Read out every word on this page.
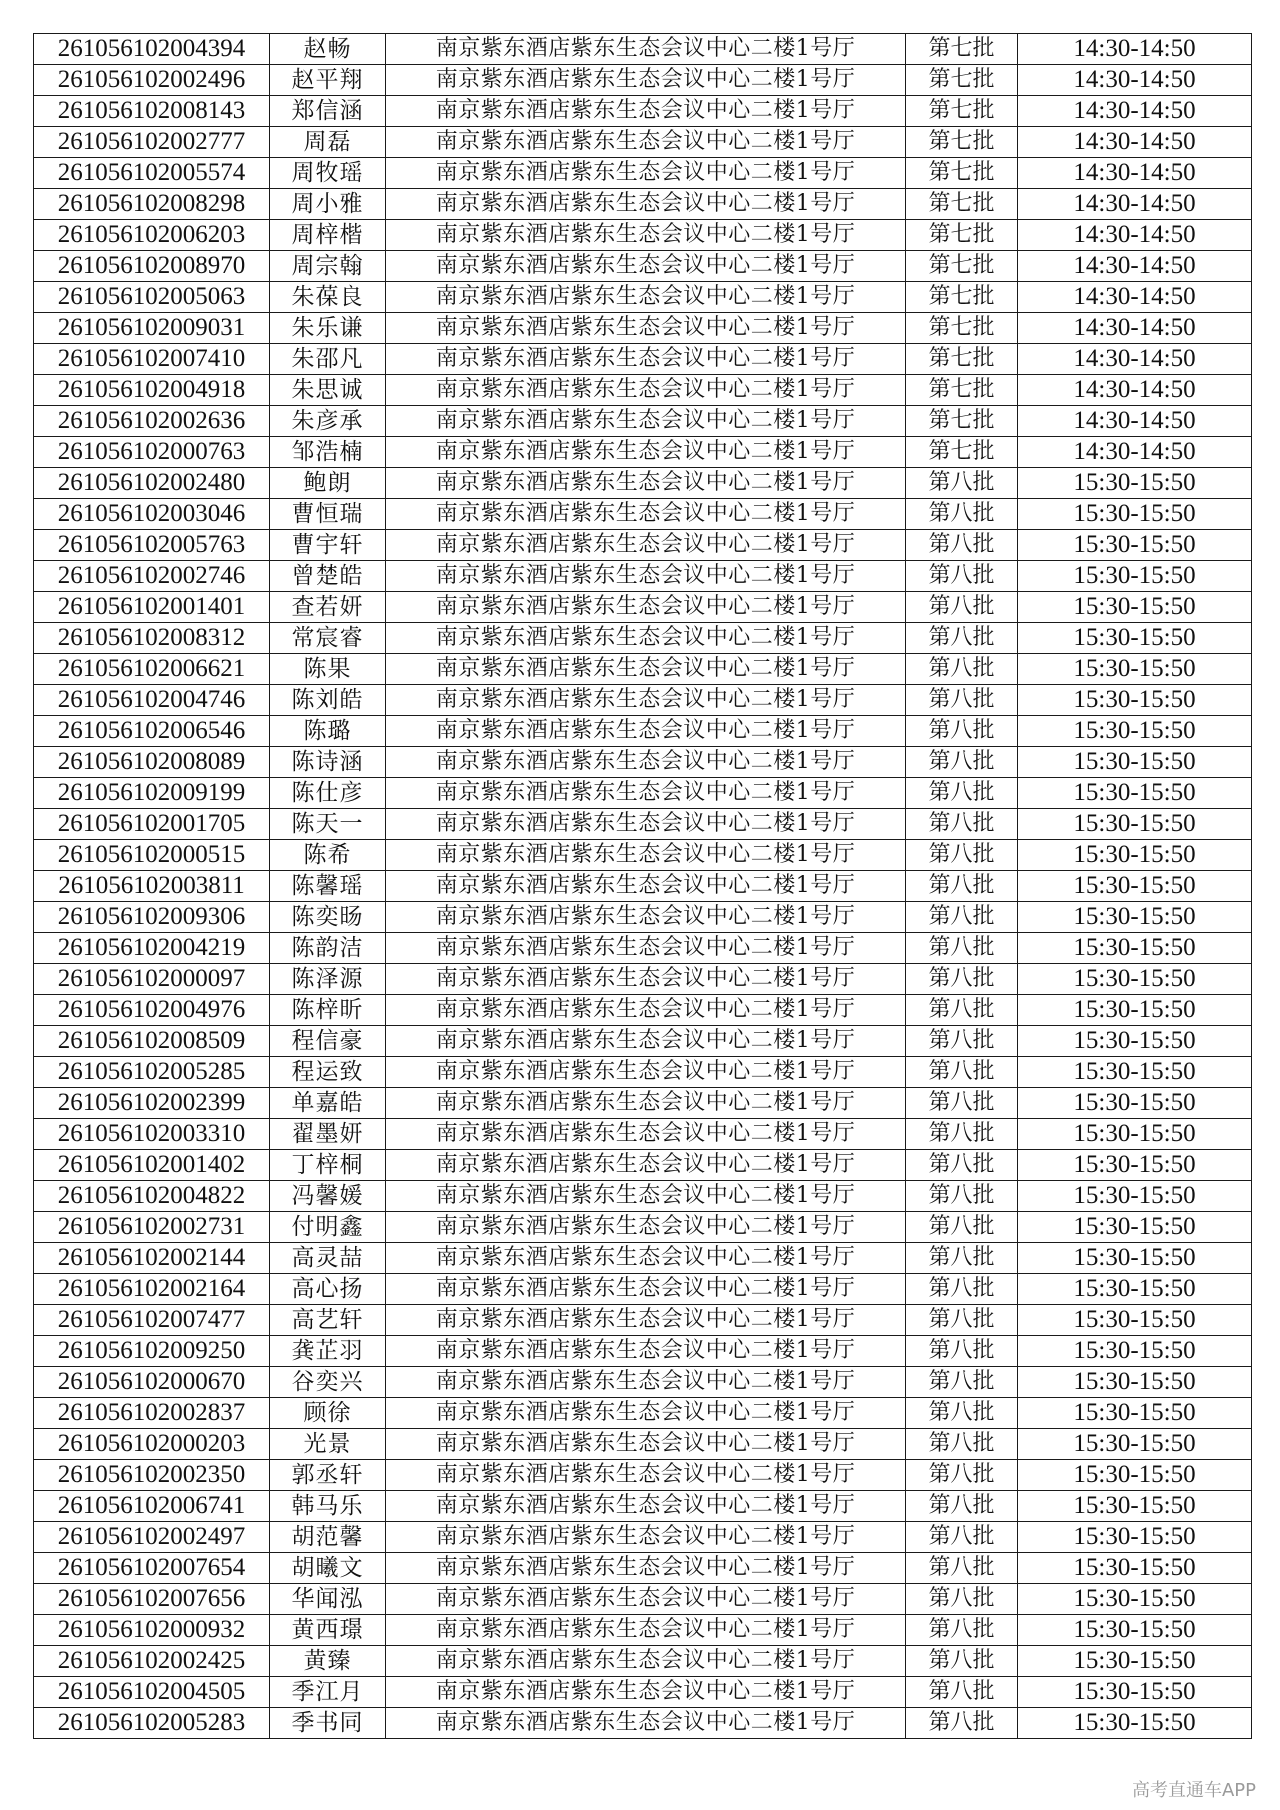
261056102004394	赵畅	南京紫东酒店紫东生态会议中心二楼1号厅	第七批	14:30-14:50
261056102002496	赵平翔	南京紫东酒店紫东生态会议中心二楼1号厅	第七批	14:30-14:50
261056102008143	郑信涵	南京紫东酒店紫东生态会议中心二楼1号厅	第七批	14:30-14:50
261056102002777	周磊	南京紫东酒店紫东生态会议中心二楼1号厅	第七批	14:30-14:50
261056102005574	周牧瑶	南京紫东酒店紫东生态会议中心二楼1号厅	第七批	14:30-14:50
261056102008298	周小雅	南京紫东酒店紫东生态会议中心二楼1号厅	第七批	14:30-14:50
261056102006203	周梓楷	南京紫东酒店紫东生态会议中心二楼1号厅	第七批	14:30-14:50
261056102008970	周宗翰	南京紫东酒店紫东生态会议中心二楼1号厅	第七批	14:30-14:50
261056102005063	朱葆良	南京紫东酒店紫东生态会议中心二楼1号厅	第七批	14:30-14:50
261056102009031	朱乐谦	南京紫东酒店紫东生态会议中心二楼1号厅	第七批	14:30-14:50
261056102007410	朱邵凡	南京紫东酒店紫东生态会议中心二楼1号厅	第七批	14:30-14:50
261056102004918	朱思诚	南京紫东酒店紫东生态会议中心二楼1号厅	第七批	14:30-14:50
261056102002636	朱彦承	南京紫东酒店紫东生态会议中心二楼1号厅	第七批	14:30-14:50
261056102000763	邹浩楠	南京紫东酒店紫东生态会议中心二楼1号厅	第七批	14:30-14:50
261056102002480	鲍朗	南京紫东酒店紫东生态会议中心二楼1号厅	第八批	15:30-15:50
261056102003046	曹恒瑞	南京紫东酒店紫东生态会议中心二楼1号厅	第八批	15:30-15:50
261056102005763	曹宇轩	南京紫东酒店紫东生态会议中心二楼1号厅	第八批	15:30-15:50
261056102002746	曾楚皓	南京紫东酒店紫东生态会议中心二楼1号厅	第八批	15:30-15:50
261056102001401	查若妍	南京紫东酒店紫东生态会议中心二楼1号厅	第八批	15:30-15:50
261056102008312	常宸睿	南京紫东酒店紫东生态会议中心二楼1号厅	第八批	15:30-15:50
261056102006621	陈果	南京紫东酒店紫东生态会议中心二楼1号厅	第八批	15:30-15:50
261056102004746	陈刘皓	南京紫东酒店紫东生态会议中心二楼1号厅	第八批	15:30-15:50
261056102006546	陈璐	南京紫东酒店紫东生态会议中心二楼1号厅	第八批	15:30-15:50
261056102008089	陈诗涵	南京紫东酒店紫东生态会议中心二楼1号厅	第八批	15:30-15:50
261056102009199	陈仕彦	南京紫东酒店紫东生态会议中心二楼1号厅	第八批	15:30-15:50
261056102001705	陈天一	南京紫东酒店紫东生态会议中心二楼1号厅	第八批	15:30-15:50
261056102000515	陈希	南京紫东酒店紫东生态会议中心二楼1号厅	第八批	15:30-15:50
261056102003811	陈馨瑶	南京紫东酒店紫东生态会议中心二楼1号厅	第八批	15:30-15:50
261056102009306	陈奕旸	南京紫东酒店紫东生态会议中心二楼1号厅	第八批	15:30-15:50
261056102004219	陈韵洁	南京紫东酒店紫东生态会议中心二楼1号厅	第八批	15:30-15:50
261056102000097	陈泽源	南京紫东酒店紫东生态会议中心二楼1号厅	第八批	15:30-15:50
261056102004976	陈梓昕	南京紫东酒店紫东生态会议中心二楼1号厅	第八批	15:30-15:50
261056102008509	程信豪	南京紫东酒店紫东生态会议中心二楼1号厅	第八批	15:30-15:50
261056102005285	程运致	南京紫东酒店紫东生态会议中心二楼1号厅	第八批	15:30-15:50
261056102002399	单嘉皓	南京紫东酒店紫东生态会议中心二楼1号厅	第八批	15:30-15:50
261056102003310	翟墨妍	南京紫东酒店紫东生态会议中心二楼1号厅	第八批	15:30-15:50
261056102001402	丁梓桐	南京紫东酒店紫东生态会议中心二楼1号厅	第八批	15:30-15:50
261056102004822	冯馨媛	南京紫东酒店紫东生态会议中心二楼1号厅	第八批	15:30-15:50
261056102002731	付明鑫	南京紫东酒店紫东生态会议中心二楼1号厅	第八批	15:30-15:50
261056102002144	高灵喆	南京紫东酒店紫东生态会议中心二楼1号厅	第八批	15:30-15:50
261056102002164	高心扬	南京紫东酒店紫东生态会议中心二楼1号厅	第八批	15:30-15:50
261056102007477	高艺轩	南京紫东酒店紫东生态会议中心二楼1号厅	第八批	15:30-15:50
261056102009250	龚芷羽	南京紫东酒店紫东生态会议中心二楼1号厅	第八批	15:30-15:50
261056102000670	谷奕兴	南京紫东酒店紫东生态会议中心二楼1号厅	第八批	15:30-15:50
261056102002837	顾徐	南京紫东酒店紫东生态会议中心二楼1号厅	第八批	15:30-15:50
261056102000203	光景	南京紫东酒店紫东生态会议中心二楼1号厅	第八批	15:30-15:50
261056102002350	郭丞轩	南京紫东酒店紫东生态会议中心二楼1号厅	第八批	15:30-15:50
261056102006741	韩马乐	南京紫东酒店紫东生态会议中心二楼1号厅	第八批	15:30-15:50
261056102002497	胡范馨	南京紫东酒店紫东生态会议中心二楼1号厅	第八批	15:30-15:50
261056102007654	胡曦文	南京紫东酒店紫东生态会议中心二楼1号厅	第八批	15:30-15:50
261056102007656	华闻泓	南京紫东酒店紫东生态会议中心二楼1号厅	第八批	15:30-15:50
261056102000932	黄西璟	南京紫东酒店紫东生态会议中心二楼1号厅	第八批	15:30-15:50
261056102002425	黄臻	南京紫东酒店紫东生态会议中心二楼1号厅	第八批	15:30-15:50
261056102004505	季江月	南京紫东酒店紫东生态会议中心二楼1号厅	第八批	15:30-15:50
261056102005283	季书同	南京紫东酒店紫东生态会议中心二楼1号厅	第八批	15:30-15:50
高考直通车APP
